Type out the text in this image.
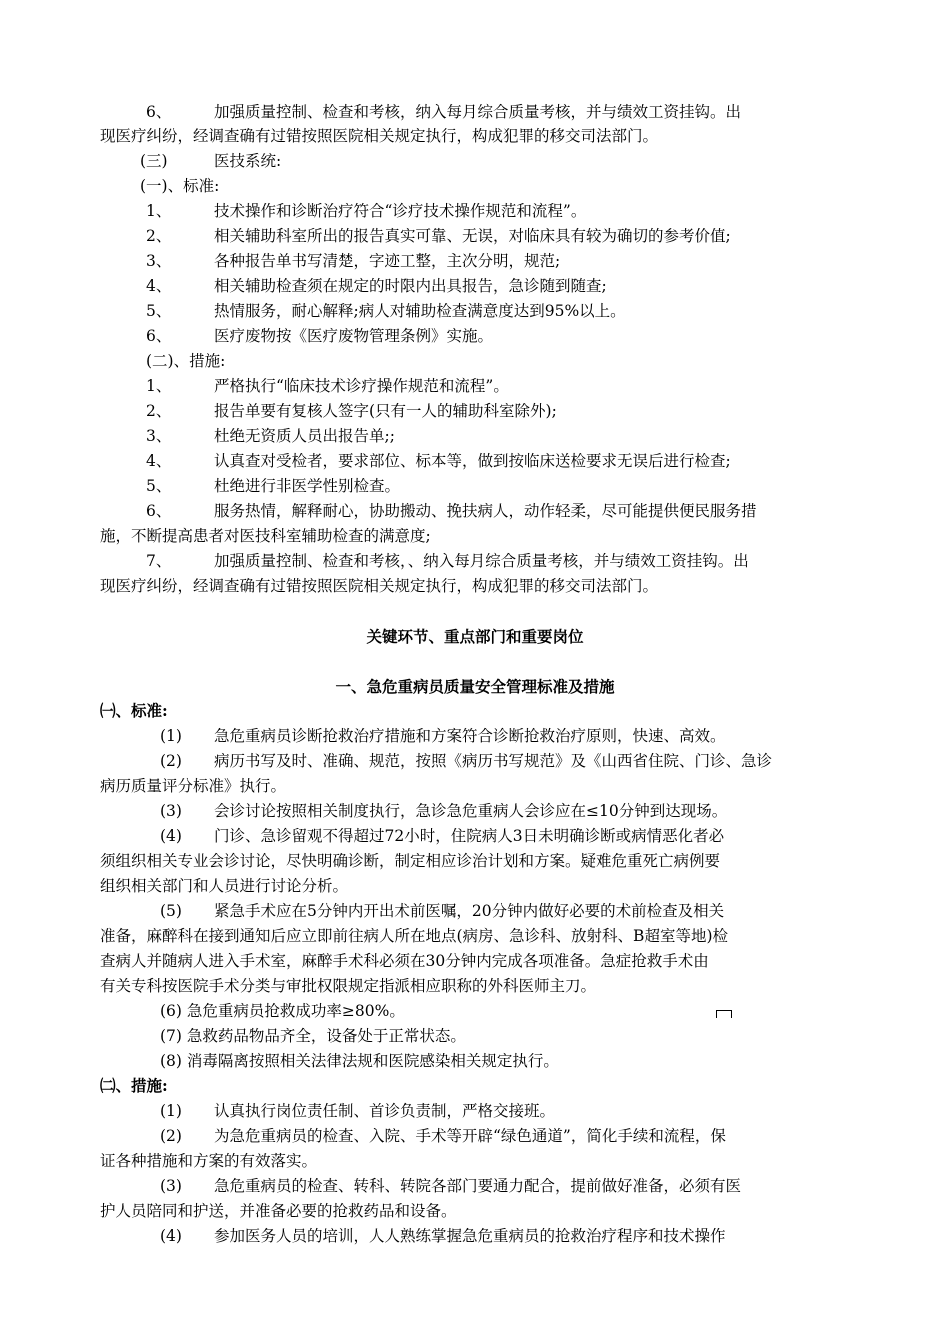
6、	加强质量控制、检查和考核，纳入每月综合质量考核，并与绩效工资挂钩。出
现医疗纠纷，经调查确有过错按照医院相关规定执行，构成犯罪的移交司法部门。
(三)	医技系统:
(一)、标准:
1、	技术操作和诊断治疗符合“诊疗技术操作规范和流程”。
2、	相关辅助科室所出的报告真实可靠、无误，对临床具有较为确切的参考价值;
3、	各种报告单书写清楚，字迹工整，主次分明，规范;
4、	相关辅助检查须在规定的时限内出具报告，急诊随到随查;
5、	热情服务，耐心解释;病人对辅助检查满意度达到95%以上。
6、	医疗废物按《医疗废物管理条例》实施。
(二)、措施:
1、	严格执行“临床技术诊疗操作规范和流程”。
2、	报告单要有复核人签字(只有一人的辅助科室除外);
3、	杜绝无资质人员出报告单;;
4、	认真查对受检者，要求部位、标本等，做到按临床送检要求无误后进行检查;
5、	杜绝进行非医学性别检查。
6、	服务热情，解释耐心，协助搬动、挽扶病人，动作轻柔，尽可能提供便民服务措
施，不断提高患者对医技科室辅助检查的满意度;
7、	加强质量控制、检查和考核，、纳入每月综合质量考核，并与绩效工资挂钩。出
现医疗纠纷，经调查确有过错按照医院相关规定执行，构成犯罪的移交司法部门。
关键环节、重点部门和重要岗位
一、急危重病员质量安全管理标准及措施
㈠、标准:
(1) 急危重病员诊断抢救治疗措施和方案符合诊断抢救治疗原则，快速、高效。
(2) 病历书写及时、准确、规范，按照《病历书写规范》及《山西省住院、门诊、急诊
病历质量评分标准》执行。
(3) 会诊讨论按照相关制度执行，急诊急危重病人会诊应在≤10分钟到达现场。
(4) 门诊、急诊留观不得超过72小时，住院病人3日未明确诊断或病情恶化者必
须组织相关专业会诊讨论，尽快明确诊断，制定相应诊治计划和方案。疑难危重死亡病例要
组织相关部门和人员进行讨论分析。
(5) 紧急手术应在5分钟内开出术前医嘱，20分钟内做好必要的术前检查及相关
准备，麻醉科在接到通知后应立即前往病人所在地点(病房、急诊科、放射科、B超室等地)检
查病人并随病人进入手术室，麻醉手术科必须在30分钟内完成各项准备。急症抢救手术由
有关专科按医院手术分类与审批权限规定指派相应职称的外科医师主刀。
(6) 急危重病员抢救成功率≥80%。
(7) 急救药品物品齐全，设备处于正常状态。
(8) 消毒隔离按照相关法律法规和医院感染相关规定执行。
㈡、措施:
(1) 认真执行岗位责任制、首诊负责制，严格交接班。
(2) 为急危重病员的检查、入院、手术等开辟“绿色通道”，简化手续和流程，保
证各种措施和方案的有效落实。
(3) 急危重病员的检查、转科、转院各部门要通力配合，提前做好准备，必须有医
护人员陪同和护送，并准备必要的抢救药品和设备。
(4) 参加医务人员的培训，人人熟练掌握急危重病员的抢救治疗程序和技术操作
